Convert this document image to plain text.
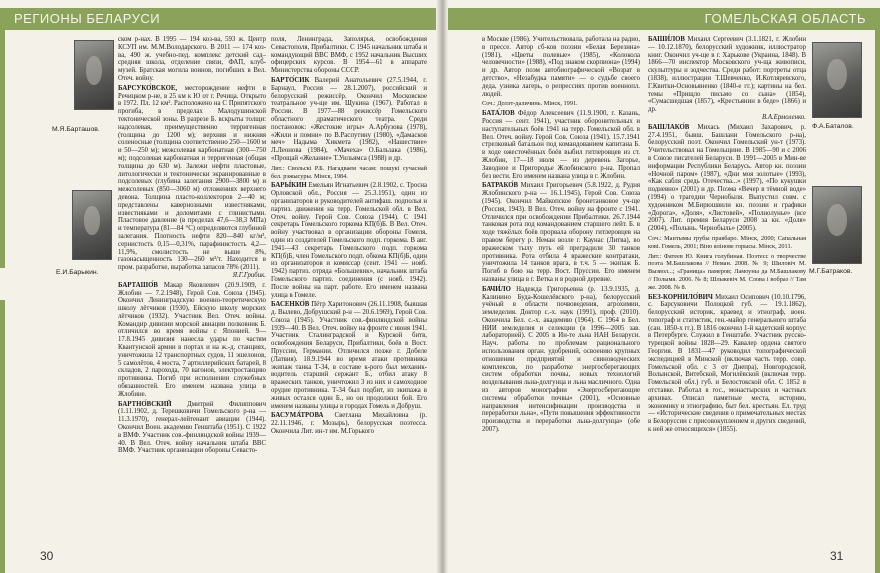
РЕГИОНЫ БЕЛАРУСИ	ГОМЕЛЬСКАЯ ОБЛАСТЬ
М.Я.Барташов.
Е.И.Барыкин.
Ф.А.Баталов.
М.Г.Батраков.

ском р-нах. В 1995 — 194 коз-ва, 593 ж. Центр КСУП им. М.М.Володарского. В 2011 — 174 коз-ва, 490 ж. учебно-пед. комплекс детский сад–средняя школа, отделение связи, ФАП, клуб-музей. Братская могила воинов, погибших в Вел. Отеч. войну.

БАРСУКО́ВСКОЕ, месторождение нефти в Речицком р-не, в 25 км к Ю от г. Речица. Открыто в 1972. Пл. 12 км². Расположено на С Припятского прогиба, в пределах Малодушинской тектонической зоны. В разрезе Б. вскрыты толщи: надсолевая, преимущественно терригенная (толщина до 1200 м); верхняя и нижняя соленосные (толщина соответственно 250—1600 м и 50—250 м); межсолевая карбонатная (300—750 м); подсолевая карбонатная и терригенная (общая толщина до 630 м). Залежи нефти пластовые, литологически и тектонически экранированные в подсолевых (глубина залегания 2900—3800 м) и межсолевых (850—3060 м) отложениях верхнего девона. Толщина пласто-коллекторов 2—40 м; представлены кавернозными известняками, известняками и доломитами с глинистыми. Пластовое давление (в пределах 47,6—38,3 МПа) и температура (81—84 °С) определяются глубиной залегания. Плотность нефти 820—840 кг/м³, сернистость 0,15—0,31%, парафинистость 4,2—11,9%, смолистость не выше 8%, газонасыщенность 130—260 м³/т. Находится в пром. разработке, выработка запасов 78% (2011).
Я.Г.Грибик.

БАРТАШО́В Макар Яковлевич (20.9.1909, г. Жлобин — 7.2.1948), Герой Сов. Союза (1945). Окончил Ленинградскую военно-теоретическую школу лётчиков (1930), Ейскую школу морских лётчиков (1932). Участник Вел. Отеч. войны. Командир дивизии морской авиации полковник Б. отличился во время войны с Японией. 9—17.8.1945 дивизия нанесла удары по частям Квантунской армии в портах и на ж.-д. станциях, уничтожила 12 транспортных судов, 11 эшелонов, 5 самолётов, 4 моста, 7 артиллерийских батарей, 8 складов, 2 парохода, 70 вагонов, электростанцию противника. Погиб при исполнении служебных обязанностей. Его именем названа улица в Жлобине.

БАРТНО́ВСКИЙ Дмитрий Филиппович (1.11.1902, д. Терешковичи Гомельского р-на — 11.3.1970), генерал-лейтенант авиации (1944). Окончил Воен. академию Генштаба (1951). С 1922 в ВМФ. Участник сов.-финляндской войны 1939—40. В Вел. Отеч. войну начальник штаба ВВС ВМФ. Участник организации обороны Севасто-

поля, Ленинграда, Заполярья, освобождения Севастополя, Прибалтики. С 1945 начальник штаба и командующий ВВС ВМФ, с 1952 начальник Высших офицерских курсов. В 1954—61 в аппарате Министерства обороны СССР.

БАРТО́СИК Валерий Анатольевич (27.5.1944, г. Барнаул, Россия — 28.1.2007), российский и белорусский режиссёр. Окончил Московское театральное уч-ще им. Щукина (1967). Работал в России. В 1977—88 режиссёр Гомельского областного драматического театра. Среди постановок: «Жестокие игры» А.Арбузова (1978), «Жили и помни» по В.Распутину (1980), «Дамасков меч» Надыма Хикмета (1982), «Нашествие» Л.Леонова (1984), «Мачеха» О.Бальзака (1986), «Прощай «Желание» Т.Уильямса (1988) и др.

Лит.: Свольскі Р.Б. Нагадваем часам: пошукі сучаснай бел. рэжысуры. Мінск, 1984.

БАРЫ́КИН Емельян Игнатьевич (2.8.1902, с. Троснa Орловской обл., Россия — 25.3.1951), один из организаторов и руководителей антифаш. подполья и партиз. движения на терр. Гомельской обл. в Вел. Отеч. войну. Герой Сов. Союза (1944). С 1941 секретарь Гомельского горкома КП(б)Б. В Вел. Отеч. войну участвовал в организации обороны Гомеля, один из создателей Гомельского подп. горкома. В авг. 1941—43 секретарь Гомельского подп. горкома КП(б)Б, член Гомельского подп. обкома КП(б)Б, один из организаторов и комиссар (сент. 1941 — нояб. 1942) партиз. отряда «Большевик», начальник штаба Гомельского партиз. соединения (с нояб. 1942). После войны на парт. работе. Его именем названа улица в Гомеле.

БАСЕНКО́В Пётр Харитонович (26.11.1908, бывшая д. Вылево, Добрушский р-н — 20.6.1969), Герой Сов. Союза (1945). Участник сов.-финляндской войны 1939—40. В Вел. Отеч. войну на фронте с июня 1941. Участник Сталинградской и Курской битв, освобождения Беларуси, Прибалтики, боёв в Вост. Пруссии, Германии. Отличился позже г. Добеле (Латвия). 18.9.1944 во время атаки противника экипаж танка Т-34, в составе к-рого был механик-водитель старший сержант Б., отбил атаку 8 вражеских танков, уничтожил 3 из них и самоходное орудие противника. Т-34 был подбит, из экипажа в живых остался один Б., но он продолжил бой. Его именем названы улицы в городах Гомель и Добруш.

БАСУМА́ТРОВА Светлана Михайловна (р. 22.11.1946, г. Мозырь), белорусская поэтесса. Окончила Лит. ин-т им. М.Горького

в Москве (1986). Учительствовала, работала на радио, в прессе. Автор сб-ков поэзии «Белая Березина» (1981), «Цветы полевые» (1985), «Колокола человечности» (1988), «Под знаком скорпиона» (1994) и др. Автор поэм автобиографической «Возрат в детство», «Незабудка памяти» — о судьбе своего деда, узника лагерь, о репрессиях против военнопл. людей.

Соч.: Долэт-даличинь. Мінск, 1991.

БАТА́ЛОВ Фёдор Алексеевич (11.9.1900, г. Казань, Россия — сент. 1941), участник оборонительных и наступательных боёв 1941 на терр. Гомельской обл. в Вел. Отеч. войну. Герой Сов. Союза (1941). 15.7.1941 стрелковый батальон под командованием капитана Б. в ходе ожесточённых боёв выбил гитлеровцев из ст. Жлобин, 17—18 июля — из деревень Загорье, Заводное и Пригородье Жлобинского р-на. Пропал без вести. Его именем названа улица в г. Жлобин.

БАТРАКО́В Михаил Григорьевич (5.8.1922, д. Рудня Жлобинского р-на — 16.1.1945), Герой Сов. Союза (1945). Окончил Майкопское бронетанковое уч-ще (Россия, 1943). В Вел. Отеч. войну на фронте с 1941. Отличился при освобождении Прибалтики. 26.7.1944 танковая рота под командованием старшего лейт. Б. в ходе тяжёлых боёв прорвала оборону гитлеровцев на правом берегу р. Неман возле г. Каунас (Литва), во вражеском тылу путь ей преградили 30 танков противника. Рота отбила 4 вражеские контратаки, уничтожила 14 танков врага, в т.ч. 5 — экипаж Б. Погиб в бою на терр. Вост. Пруссии. Его именем названы улица в г. Ветка и в родной деревне.

БАЧИ́ЛО Надежда Григорьевна (р. 13.9.1935, д. Калинино Буда-Кошелёвского р-на), белорусский учёный в области почвоведения, агрохимии, земледелия. Доктор с.-х. наук (1991), проф. (2010). Окончила Бел. с.-х. академию (1964). С 1964 в Бел. НИИ земледелия и селекции (в 1996—2005 зав. лабораторией). С 2005 в Ин-те льна НАН Беларуси. Науч. работы по проблемам рационального использования орган. удобрений, освоению крупных отношении предприятий и свиноводческих комплексов, по разработке энергосберегающих систем обработки почвы, новых технологий возделывания льна-долгунца и льна масличного. Одна из авторов монографии «Энергосберегающие системы обработки почвы» (2001), «Основные направления интенсификации производства и переработки льна», «Пути повышения эффективности производства и переработки льна-долгунца» (обе 2007).

БАШИ́ЛОВ Михаил Сергеевич (3.1.1821, г. Жлобин — 10.12.1870), белорусский художник, иллюстратор книг. Окончил уч-ще в г. Харькове (Украина, 1848). В 1866—70 инспектор Московского уч-ща живописи, скульптуры и зодчества. Среди работ: портреты отца (1838), иллюстрации Т.Шевченко, И.Котляревского, Г.Квитки-Основьяненко (1840-е гг.); картины на бел. темы «Прищло письмо со сына» (1854), «Сумасшедшая (1857), «Крестьянин в беде» (1866) и др.
В.А.Ермоленко.

БАШЛАКО́В Михась (Михаил Захарович, р. 27.4.1951, бывш. Башлани Гомельского р-на), белорусский поэт. Окончил Гомельский ун-т (1973). Учительствовал на Гомельщине. В 1985—90 и с 2006 в Союзе писателей Беларуси. В 1991—2005 в Мин-ве информации Республики Беларусь. Автор кн. поэзии «Ночной паром» (1987), «Дни моя золотые» (1993), «Как сабля средь Отечества...» (1997), «По кукушки подневно» (2001) и др. Поэма «Вечер в тёмной воде» (1994) о трагедии Чернобыля. Выпустил совм. с художником М.Бирюшвили кн. поэзии и графики «Дорога», «Доля», «Листовей», «Полнолунье» (все 2007). Лит. премия Беларуси 2008 за кн. «Доля» (2004), «Полынь. Чернобыль» (2005).

Соч.: Мантымы грубы правбаро. Мінск, 2000; Сапальная кові. Гомель, 2001; Віно ялінове горысы. Мінск, 2011.

Лит.: Фатеев Ю. Книга голубиная. Поэтесс о творчестве поэта М.Башлакова // Неман. 2008. № 9; Шиловіч М. Вызвол...; «Граница» памеров; Ламоуны да М.Башлакову // Полымя. 2006. № 8; Шлыкевіч М. Слова і вобраз // Там же. 2008. № 8.

БЕЗ-КОРНИЛО́ВИЧ Михаил Осипович (10.10.1796, с. Барсуковичи Полоцкой губ. — 19.1.1862), белорусский историк, краевед и этнограф, воен. топограф и статистик, ген.-майор генерального штаба (сан. 1850-х гг.). В 1816 окончил 1-й кадетский корпус в Петербурге. Служил в Генштабе. Участник русско-турецкой войны 1828—29. Кавалер ордена святого Георгия. В 1831—47 руководил топографической экспедицией в Минской (включая часть терр. совр. Гомельской обл. с 3 от Днепра), Новгородской, Волынской, Витебской, Могилёвской (включая терр. Гомельской обл.) губ. и Белостокской обл. С 1852 в отставке. Работал в гос., монастырских и частных архивах. Описал памятные места, историю, экономику и этнографию, быт бел. крестьян. Ел. труд — «Исторические сведения о примечательных местах в Белоруссии с присовокуплением и других сведений, к ней же относящихся» (1855).

30	31
